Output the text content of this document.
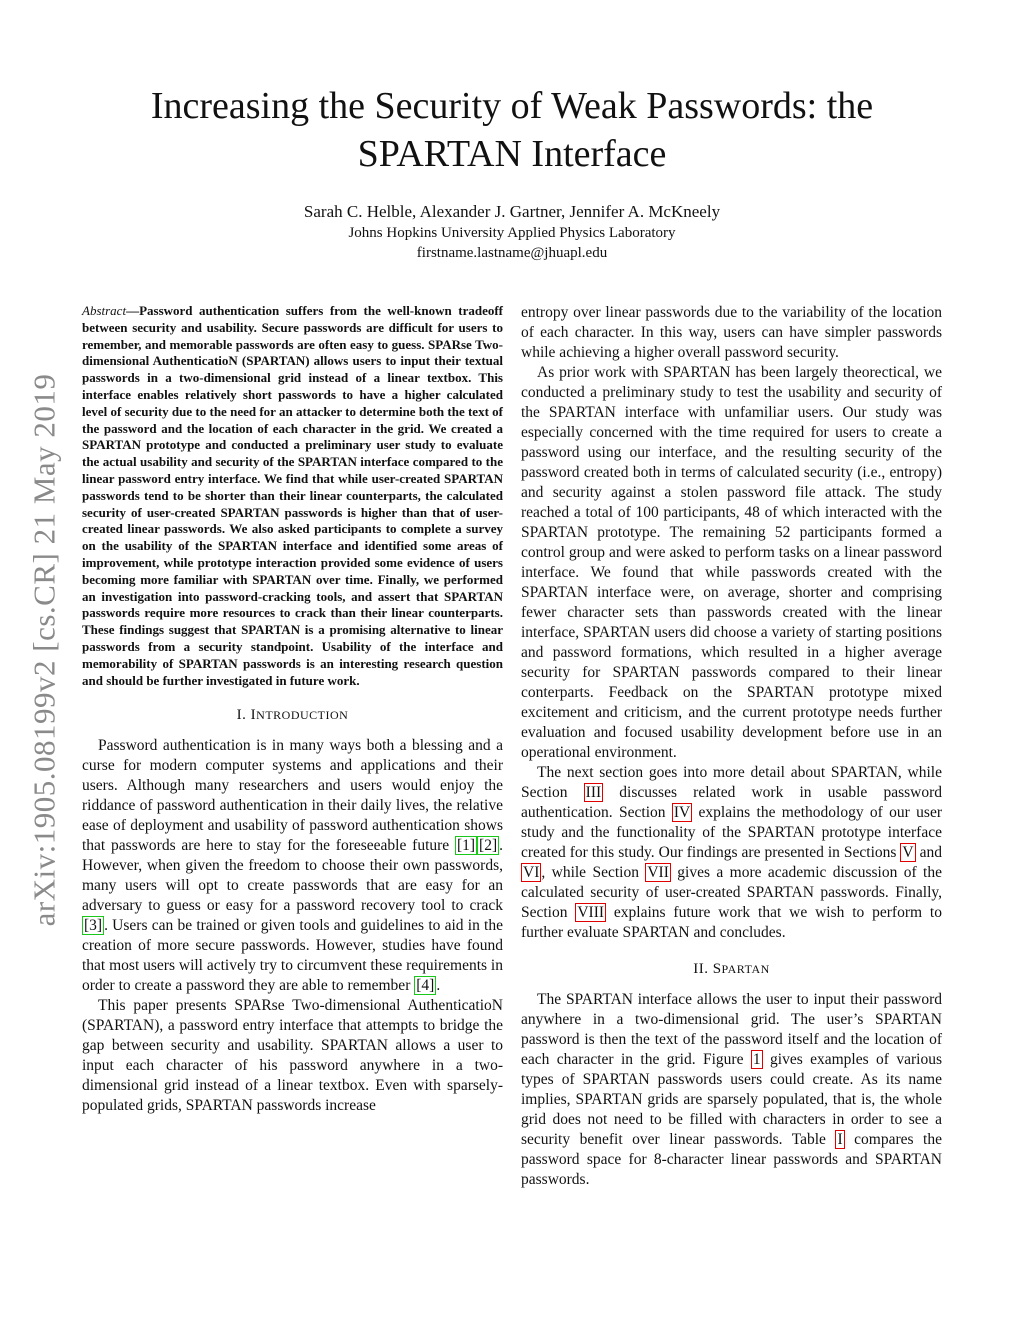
arXiv:1905.08199v2 [cs.CR] 21 May 2019
Increasing the Security of Weak Passwords: the SPARTAN Interface
Sarah C. Helble, Alexander J. Gartner, Jennifer A. McKneely
Johns Hopkins University Applied Physics Laboratory
firstname.lastname@jhuapl.edu

Abstract—Password authentication suffers from the well-known tradeoff between security and usability. Secure passwords are difficult for users to remember, and memorable passwords are often easy to guess. SPARse Two-dimensional AuthenticatioN (SPARTAN) allows users to input their textual passwords in a two-dimensional grid instead of a linear textbox. This interface enables relatively short passwords to have a higher calculated level of security due to the need for an attacker to determine both the text of the password and the location of each character in the grid. We created a SPARTAN prototype and conducted a preliminary user study to evaluate the actual usability and security of the SPARTAN interface compared to the linear password entry interface. We find that while user-created SPARTAN passwords tend to be shorter than their linear counterparts, the calculated security of user-created SPARTAN passwords is higher than that of user-created linear passwords. We also asked participants to complete a survey on the usability of the SPARTAN interface and identified some areas of improvement, while prototype interaction provided some evidence of users becoming more familiar with SPARTAN over time. Finally, we performed an investigation into password-cracking tools, and assert that SPARTAN passwords require more resources to crack than their linear counterparts. These findings suggest that SPARTAN is a promising alternative to linear passwords from a security standpoint. Usability of the interface and memorability of SPARTAN passwords is an interesting research question and should be further investigated in future work.

I. INTRODUCTION

Password authentication is in many ways both a blessing and a curse for modern computer systems and applications and their users. Although many researchers and users would enjoy the riddance of password authentication in their daily lives, the relative ease of deployment and usability of password authentication shows that passwords are here to stay for the foreseeable future [1] [2] . However, when given the freedom to choose their own passwords, many users will opt to create passwords that are easy for an adversary to guess or easy for a password recovery tool to crack [3] . Users can be trained or given tools and guidelines to aid in the creation of more secure passwords. However, studies have found that most users will actively try to circumvent these requirements in order to create a password they are able to remember [4] .

This paper presents SPARse Two-dimensional AuthenticatioN (SPARTAN), a password entry interface that attempts to bridge the gap between security and usability. SPARTAN allows a user to input each character of his password anywhere in a two-dimensional grid instead of a linear textbox. Even with sparsely-populated grids, SPARTAN passwords increase

entropy over linear passwords due to the variability of the location of each character. In this way, users can have simpler passwords while achieving a higher overall password security.

As prior work with SPARTAN has been largely theorectical, we conducted a preliminary study to test the usability and security of the SPARTAN interface with unfamiliar users. Our study was especially concerned with the time required for users to create a password using our interface, and the resulting security of the password created both in terms of calculated security (i.e., entropy) and security against a stolen password file attack. The study reached a total of 100 participants, 48 of which interacted with the SPARTAN prototype. The remaining 52 participants formed a control group and were asked to perform tasks on a linear password interface. We found that while passwords created with the SPARTAN interface were, on average, shorter and comprising fewer character sets than passwords created with the linear interface, SPARTAN users did choose a variety of starting positions and password formations, which resulted in a higher average security for SPARTAN passwords compared to their linear conterparts. Feedback on the SPARTAN prototype mixed excitement and criticism, and the current prototype needs further evaluation and focused usability development before use in an operational environment.

The next section goes into more detail about SPARTAN, while Section III discusses related work in usable password authentication. Section IV explains the methodology of our user study and the functionality of the SPARTAN prototype interface created for this study. Our findings are presented in Sections V and VI , while Section VII gives a more academic discussion of the calculated security of user-created SPARTAN passwords. Finally, Section VIII explains future work that we wish to perform to further evaluate SPARTAN and concludes.

II. SPARTAN

The SPARTAN interface allows the user to input their password anywhere in a two-dimensional grid. The user’s SPARTAN password is then the text of the password itself and the location of each character in the grid. Figure 1 gives examples of various types of SPARTAN passwords users could create. As its name implies, SPARTAN grids are sparsely populated, that is, the whole grid does not need to be filled with characters in order to see a security benefit over linear passwords. Table I compares the password space for 8-character linear passwords and SPARTAN passwords.
